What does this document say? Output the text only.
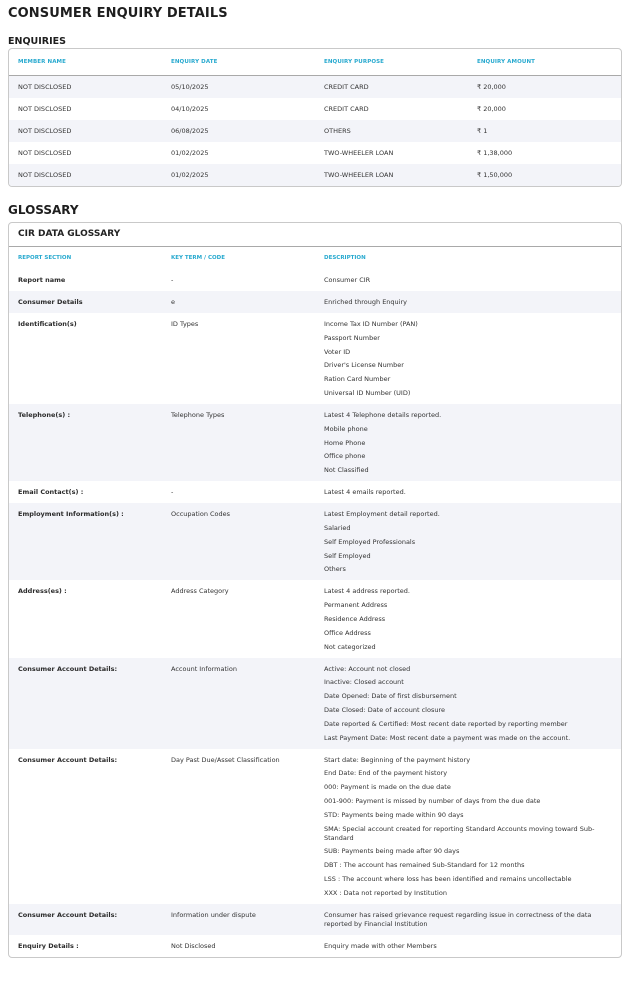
CONSUMER ENQUIRY DETAILS
ENQUIRIES
MEMBER NAME	ENQUIRY DATE	ENQUIRY PURPOSE	ENQUIRY AMOUNT
NOT DISCLOSED	05/10/2025	CREDIT CARD	₹ 20,000
NOT DISCLOSED	04/10/2025	CREDIT CARD	₹ 20,000
NOT DISCLOSED	06/08/2025	OTHERS	₹ 1
NOT DISCLOSED	01/02/2025	TWO-WHEELER LOAN	₹ 1,38,000
NOT DISCLOSED	01/02/2025	TWO-WHEELER LOAN	₹ 1,50,000
GLOSSARY
CIR DATA GLOSSARY
REPORT SECTION	KEY TERM / CODE	DESCRIPTION
Report name	-	Consumer CIR
Consumer Details	e	Enriched through Enquiry
Identification(s)	ID Types	Income Tax ID Number (PAN)
Passport Number
Voter ID
Driver's License Number
Ration Card Number
Universal ID Number (UID)
Telephone(s) :	Telephone Types	Latest 4 Telephone details reported.
Mobile phone
Home Phone
Office phone
Not Classified
Email Contact(s) :	-	Latest 4 emails reported.
Employment Information(s) :	Occupation Codes	Latest Employment detail reported.
Salaried
Self Employed Professionals
Self Employed
Others
Address(es) :	Address Category	Latest 4 address reported.
Permanent Address
Residence Address
Office Address
Not categorized
Consumer Account Details:	Account Information	Active: Account not closed
Inactive: Closed account
Date Opened: Date of first disbursement
Date Closed: Date of account closure
Date reported & Certified: Most recent date reported by reporting member
Last Payment Date: Most recent date a payment was made on the account.
Consumer Account Details:	Day Past Due/Asset Classification	Start date: Beginning of the payment history
End Date: End of the payment history
000: Payment is made on the due date
001-900: Payment is missed by number of days from the due date
STD: Payments being made within 90 days
SMA: Special account created for reporting Standard Accounts moving toward Sub-Standard
SUB: Payments being made after 90 days
DBT : The account has remained Sub-Standard for 12 months
LSS : The account where loss has been identified and remains uncollectable
XXX : Data not reported by Institution
Consumer Account Details:	Information under dispute	Consumer has raised grievance request regarding issue in correctness of the data reported by Financial Institution
Enquiry Details :	Not Disclosed	Enquiry made with other Members
